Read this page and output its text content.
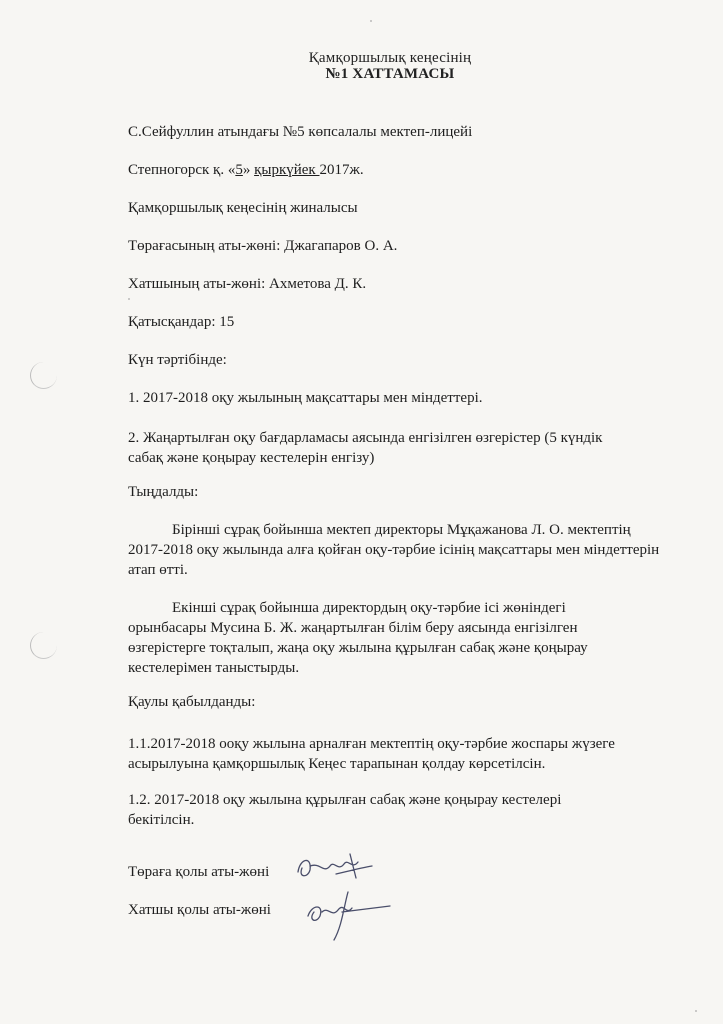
Қамқоршылық кеңесінің
№1 ХАТТАМАСЫ
С.Сейфуллин атындағы №5 көпсалалы мектеп-лицейі
Степногорск қ. «5» қыркүйек 2017ж.
Қамқоршылық кеңесінің жиналысы
Төрағасының аты-жөні: Джагапаров О. А.
Хатшының аты-жөні: Ахметова Д. К.
Қатысқандар: 15
Күн тәртібінде:
1. 2017-2018 оқу жылының мақсаттары мен міндеттері.
2. Жаңартылған оқу бағдарламасы аясында енгізілген өзгерістер (5 күндік сабақ және қоңырау кестелерін енгізу)
Тыңдалды:
Бірінші сұрақ бойынша мектеп директоры Мұқажанова Л. О. мектептің 2017-2018 оқу жылында алға қойған оқу-тәрбие ісінің мақсаттары мен міндеттерін атап өтті.
Екінші сұрақ бойынша директордың оқу-тәрбие ісі жөніндегі орынбасары Мусина Б. Ж. жаңартылған білім беру аясында енгізілген өзгерістерге тоқталып, жаңа оқу жылына құрылған сабақ және қоңырау кестелерімен таныстырды.
Қаулы қабылданды:
1.1.2017-2018 ооқу жылына арналған мектептің оқу-тәрбие жоспары жүзеге асырылуына қамқоршылық Кеңес тарапынан қолдау көрсетілсін.
1.2. 2017-2018 оқу жылына құрылған сабақ және қоңырау кестелері бекітілсін.
Төраға қолы аты-жөні
Хатшы қолы аты-жөні
